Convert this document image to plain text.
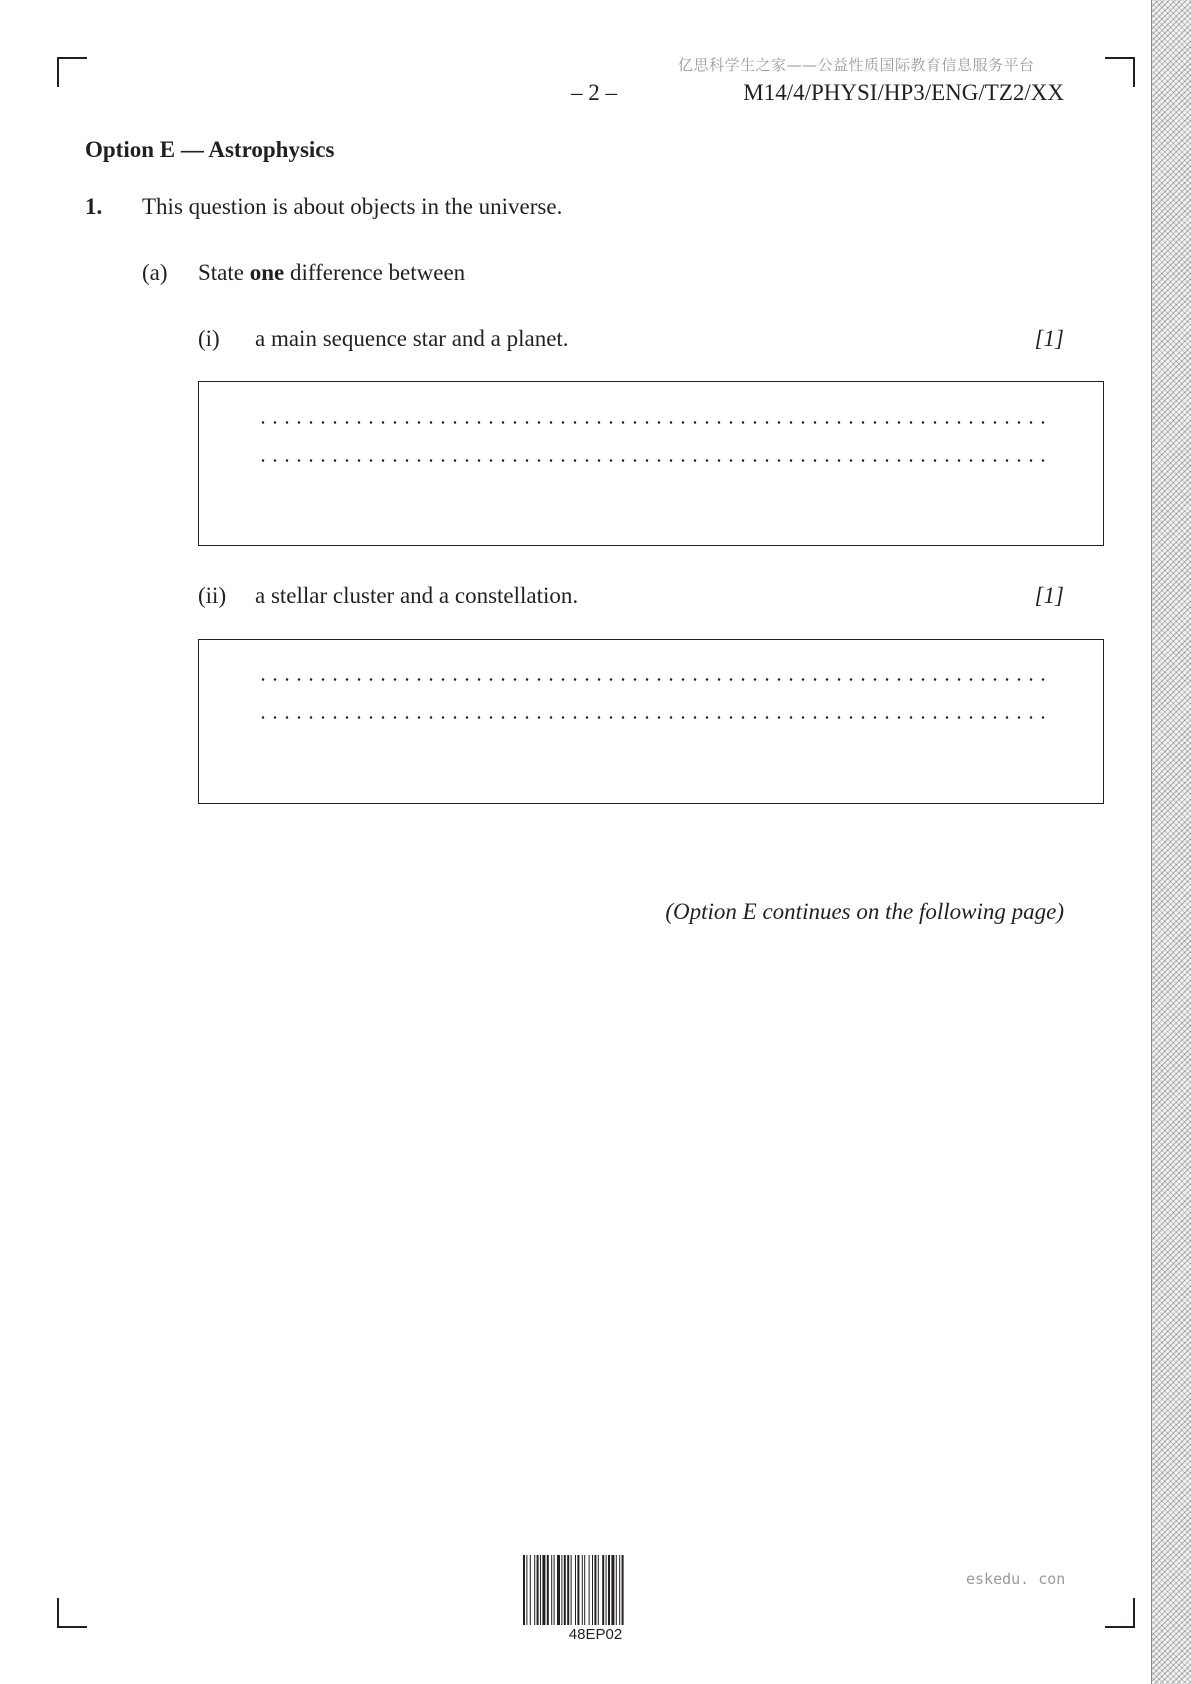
亿思科学生之家——公益性质国际教育信息服务平台
– 2 –	M14/4/PHYSI/HP3/ENG/TZ2/XX
Option E — Astrophysics
1. This question is about objects in the universe.
(a) State one difference between
(i) a main sequence star and a planet.	[1]
(ii) a stellar cluster and a constellation.	[1]
(Option E continues on the following page)
48EP02
eskedu. con
